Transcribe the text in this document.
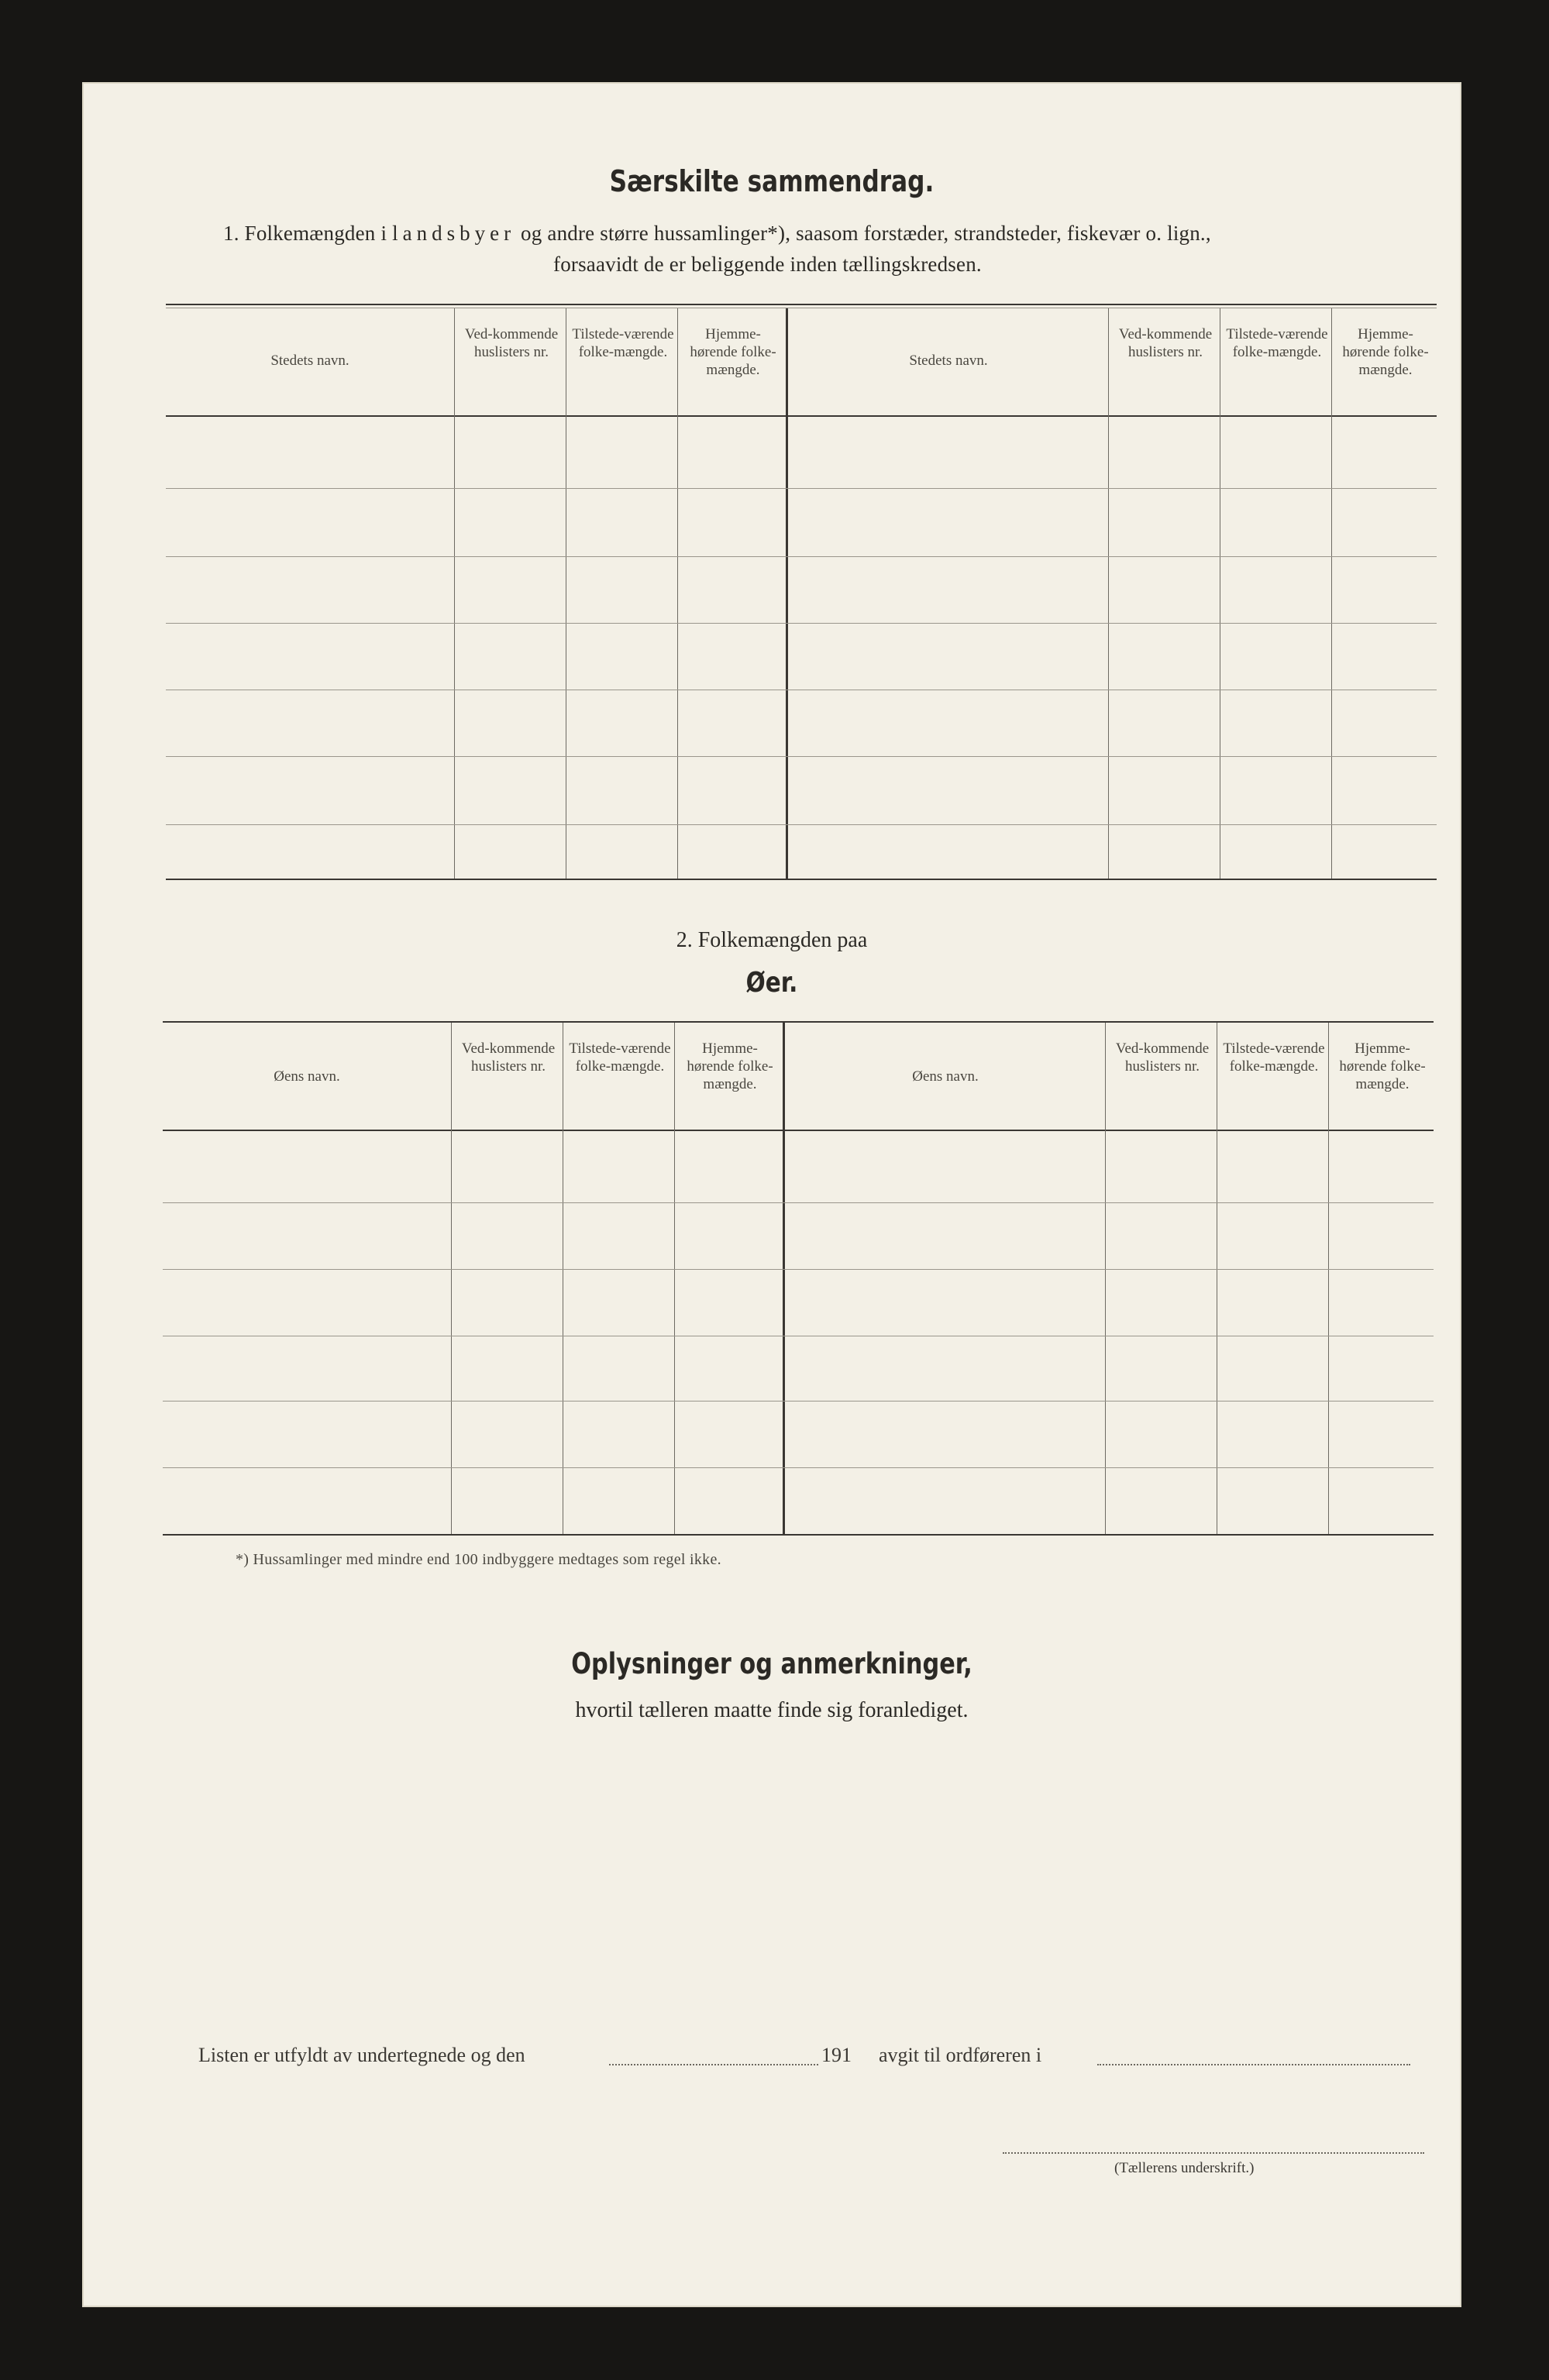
Særskilte sammendrag.
1. Folkemængden i landsbyer og andre større hussamlinger*), saasom forstæder, strandsteder, fiskevær o. lign.,
forsaavidt de er beliggende inden tællingskredsen.
Stedets navn.
Ved-kommende huslisters nr.
Tilstede-værende folke-mængde.
Hjemme-hørende folke-mængde.
Stedets navn.
Ved-kommende huslisters nr.
Tilstede-værende folke-mængde.
Hjemme-hørende folke-mængde.
2. Folkemængden paa
Øer.
Øens navn.
Ved-kommende huslisters nr.
Tilstede-værende folke-mængde.
Hjemme-hørende folke-mængde.	Øens navn.
Ved-kommende huslisters nr.
Tilstede-værende folke-mængde.
Hjemme-hørende folke-mængde.
*) Hussamlinger med mindre end 100 indbyggere medtages som regel ikke.
Oplysninger og anmerkninger,
hvortil tælleren maatte finde sig foranlediget.
Listen er utfyldt av undertegnede og den	191 avgit til ordføreren i
(Tællerens underskrift.)
